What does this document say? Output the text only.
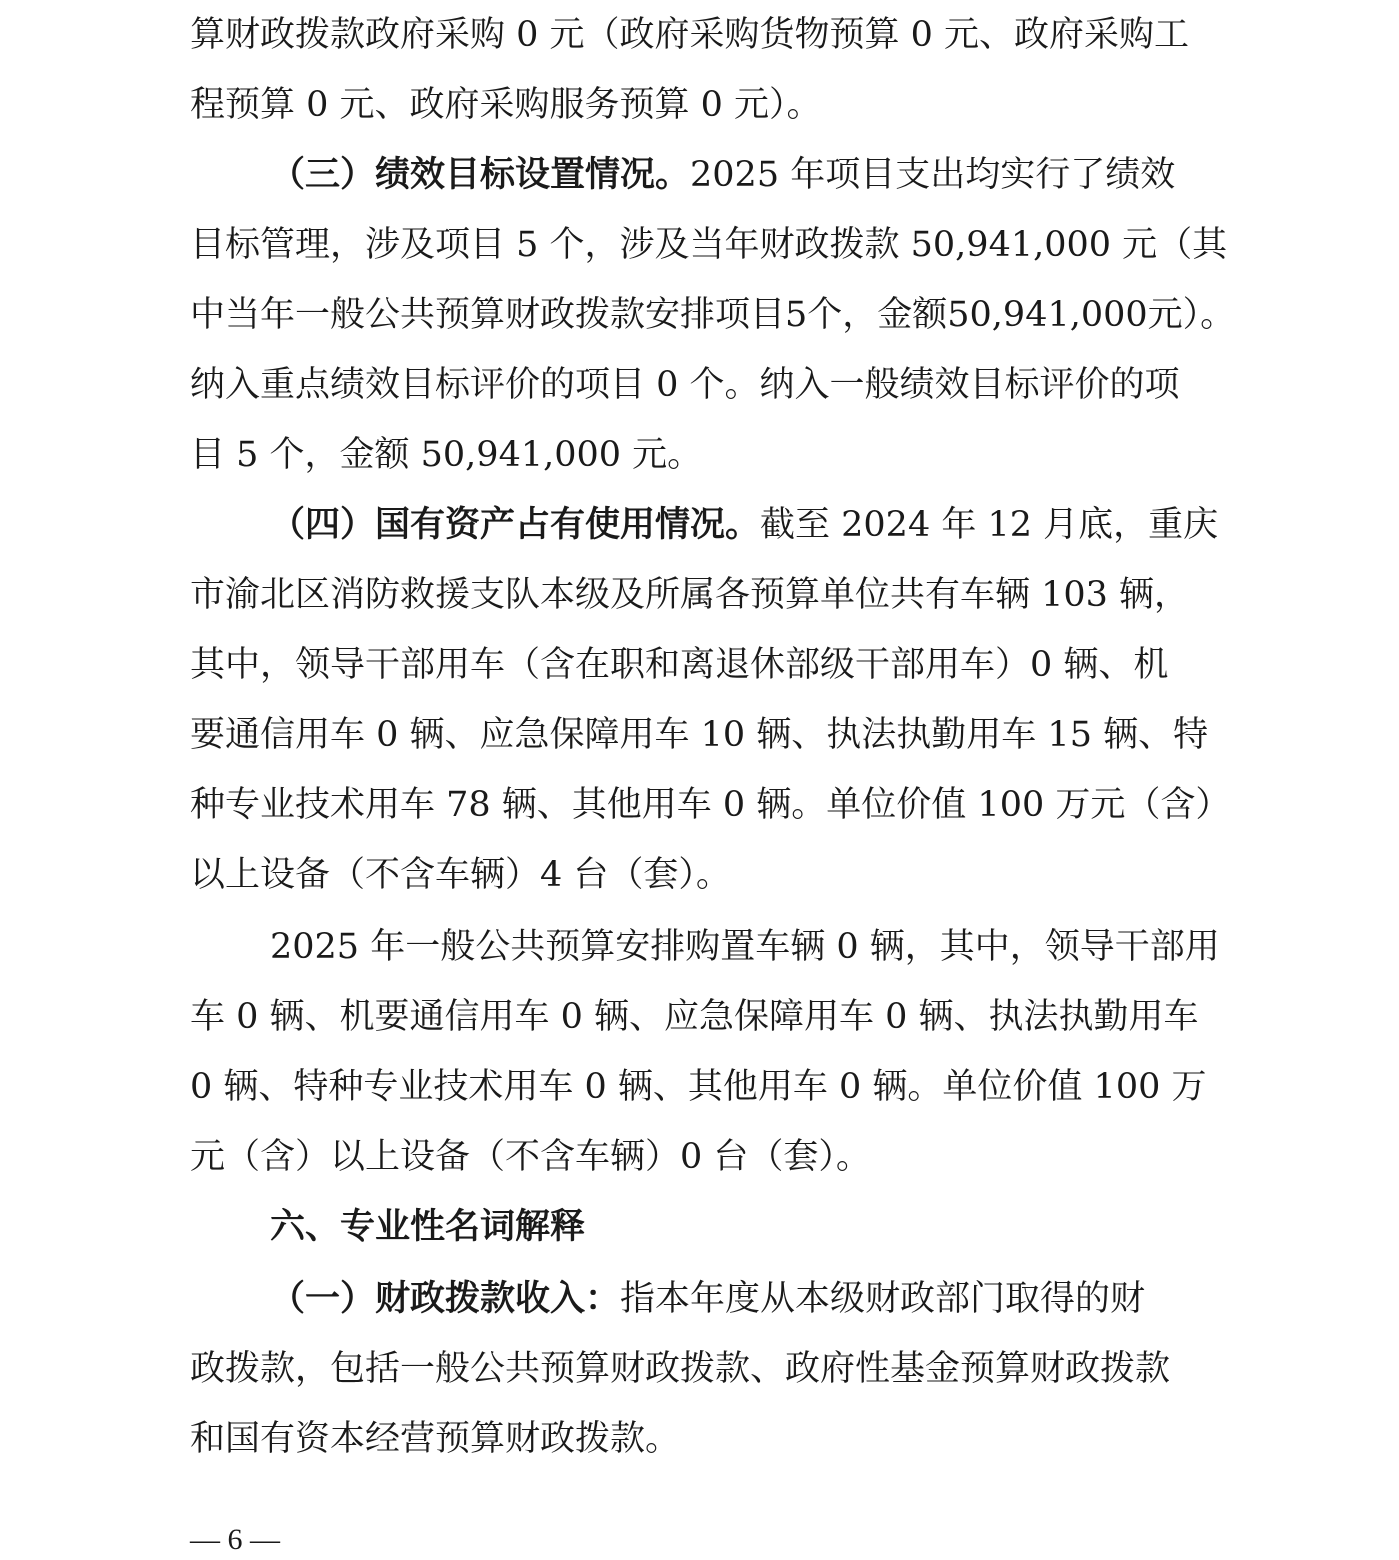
算财政拨款政府采购 0 元（政府采购货物预算 0 元、政府采购工
程预算 0 元、政府采购服务预算 0 元）。
（三）绩效目标设置情况。2025 年项目支出均实行了绩效
目标管理，涉及项目 5 个，涉及当年财政拨款 50,941,000 元（其
中当年一般公共预算财政拨款安排项目5个，金额50,941,000元）。
纳入重点绩效目标评价的项目 0 个。纳入一般绩效目标评价的项
目 5 个，金额 50,941,000 元。
（四）国有资产占有使用情况。截至 2024 年 12 月底，重庆
市渝北区消防救援支队本级及所属各预算单位共有车辆 103 辆，
其中，领导干部用车（含在职和离退休部级干部用车）0 辆、机
要通信用车 0 辆、应急保障用车 10 辆、执法执勤用车 15 辆、特
种专业技术用车 78 辆、其他用车 0 辆。单位价值 100 万元（含）
以上设备（不含车辆）4 台（套）。
2025 年一般公共预算安排购置车辆 0 辆，其中，领导干部用
车 0 辆、机要通信用车 0 辆、应急保障用车 0 辆、执法执勤用车
0 辆、特种专业技术用车 0 辆、其他用车 0 辆。单位价值 100 万
元（含）以上设备（不含车辆）0 台（套）。
六、专业性名词解释
（一）财政拨款收入：指本年度从本级财政部门取得的财
政拨款，包括一般公共预算财政拨款、政府性基金预算财政拨款
和国有资本经营预算财政拨款。
— 6 —
